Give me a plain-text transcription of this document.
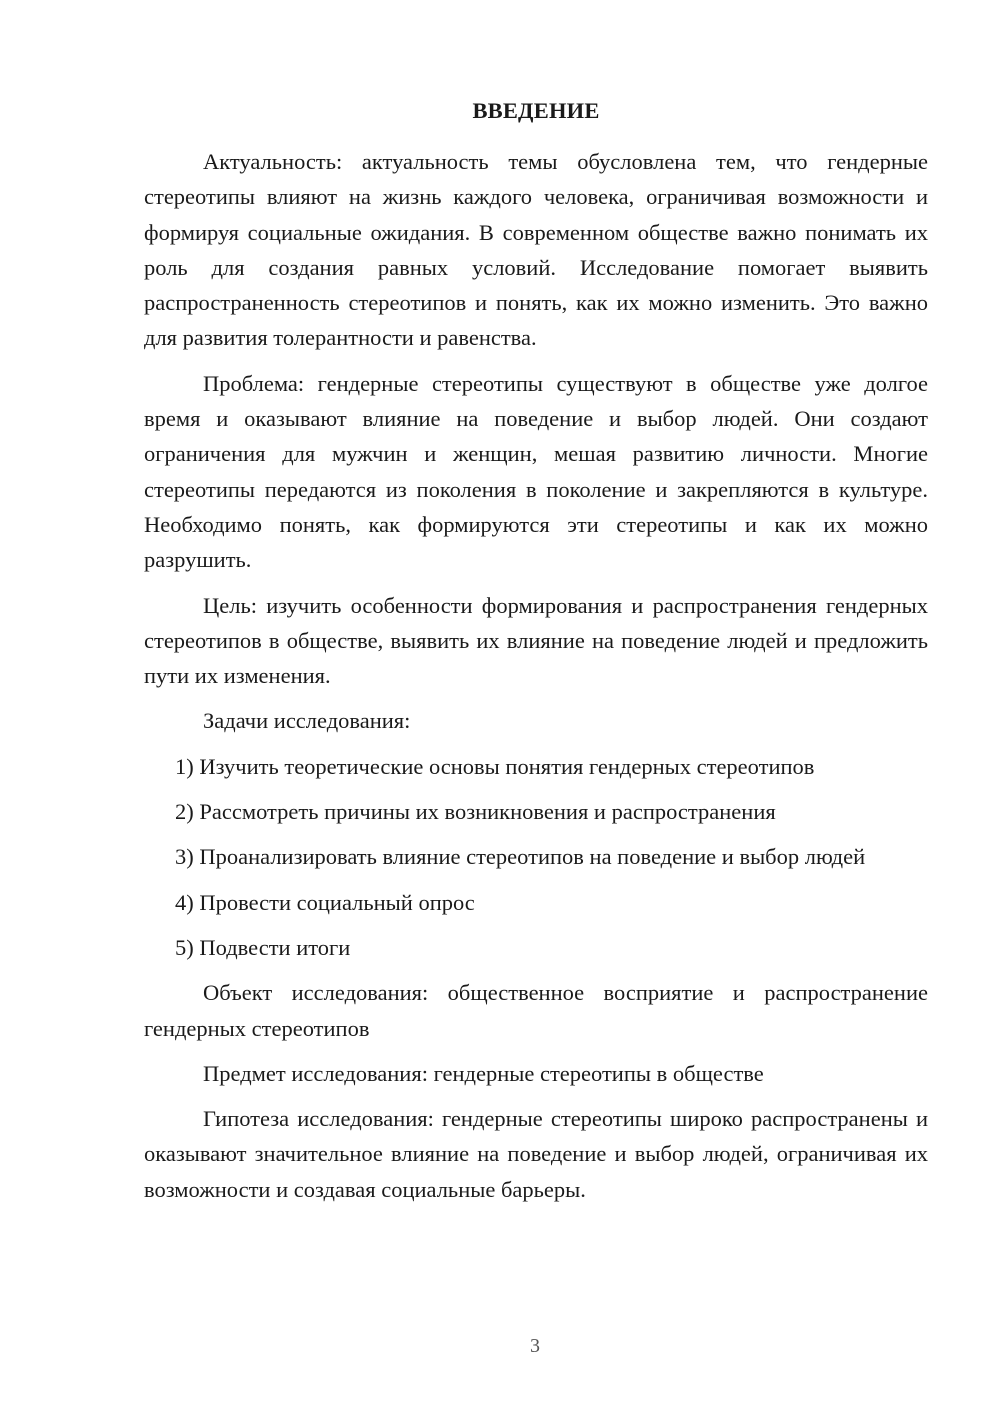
ВВЕДЕНИЕ

Актуальность: актуальность темы обусловлена тем, что гендерные стереотипы влияют на жизнь каждого человека, ограничивая возможности и формируя социальные ожидания. В современном обществе важно понимать их роль для создания равных условий. Исследование помогает выявить распространенность стереотипов и понять, как их можно изменить. Это важно для развития толерантности и равенства.

Проблема: гендерные стереотипы существуют в обществе уже долгое время и оказывают влияние на поведение и выбор людей. Они создают ограничения для мужчин и женщин, мешая развитию личности. Многие стереотипы передаются из поколения в поколение и закрепляются в культуре. Необходимо понять, как формируются эти стереотипы и как их можно разрушить.

Цель: изучить особенности формирования и распространения гендерных стереотипов в обществе, выявить их влияние на поведение людей и предложить пути их изменения.

Задачи исследования:

1) Изучить теоретические основы понятия гендерных стереотипов

2) Рассмотреть причины их возникновения и распространения

3) Проанализировать влияние стереотипов на поведение и выбор людей

4) Провести социальный опрос

5) Подвести итоги

Объект исследования: общественное восприятие и распространение гендерных стереотипов

Предмет исследования: гендерные стереотипы в обществе

Гипотеза исследования: гендерные стереотипы широко распространены и оказывают значительное влияние на поведение и выбор людей, ограничивая их возможности и создавая социальные барьеры.

3
